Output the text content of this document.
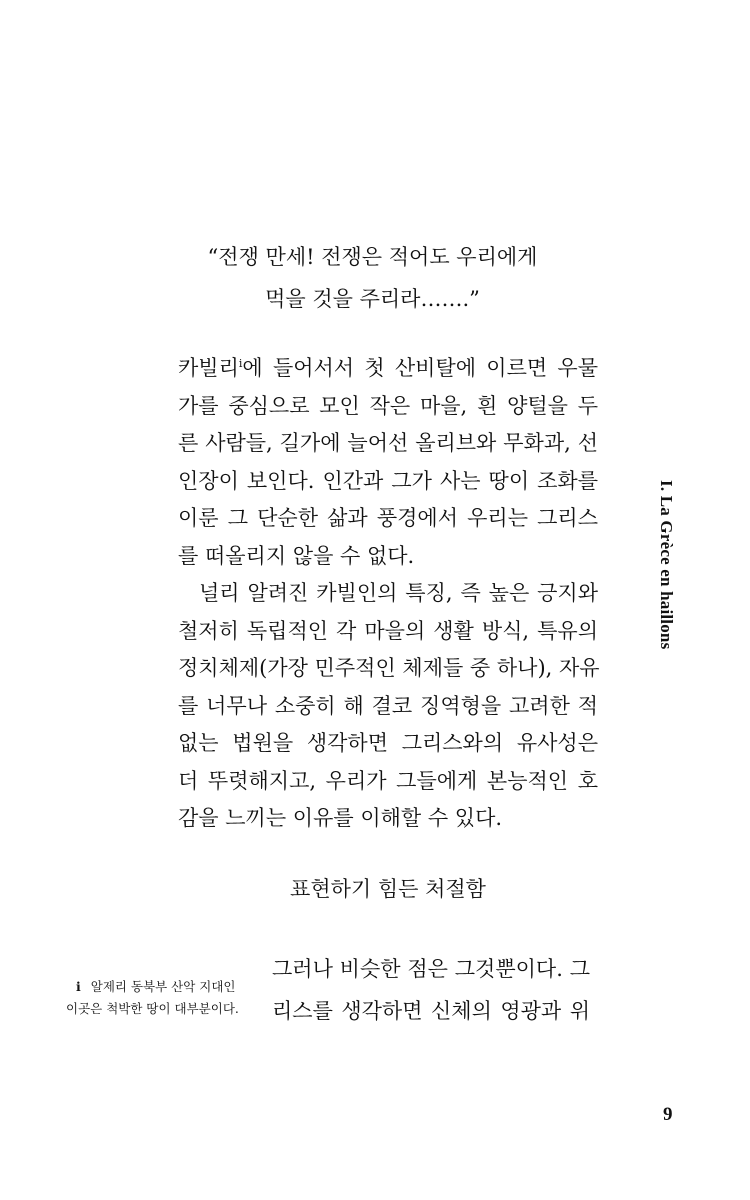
“전쟁 만세! 전쟁은 적어도 우리에게
먹을 것을 주리라…….”
카빌리$^i$에 들어서서 첫 산비탈에 이르면 우물
가를 중심으로 모인 작은 마을, 흰 양털을 두
른 사람들, 길가에 늘어선 올리브와 무화과, 선
인장이 보인다. 인간과 그가 사는 땅이 조화를
이룬 그 단순한 삶과 풍경에서 우리는 그리스
를 떠올리지 않을 수 없다.
널리 알려진 카빌인의 특징, 즉 높은 긍지와
철저히 독립적인 각 마을의 생활 방식, 특유의
정치체제(가장 민주적인 체제들 중 하나), 자유
를 너무나 소중히 해 결코 징역형을 고려한 적
없는 법원을 생각하면 그리스와의 유사성은
더 뚜렷해지고, 우리가 그들에게 본능적인 호
감을 느끼는 이유를 이해할 수 있다.
표현하기 힘든 처절함
그러나 비슷한 점은 그것뿐이다. 그
리스를 생각하면 신체의 영광과 위
i 알제리 동북부 산악 지대인
이곳은 척박한 땅이 대부분이다.
I. La Grèce en haillons
9
